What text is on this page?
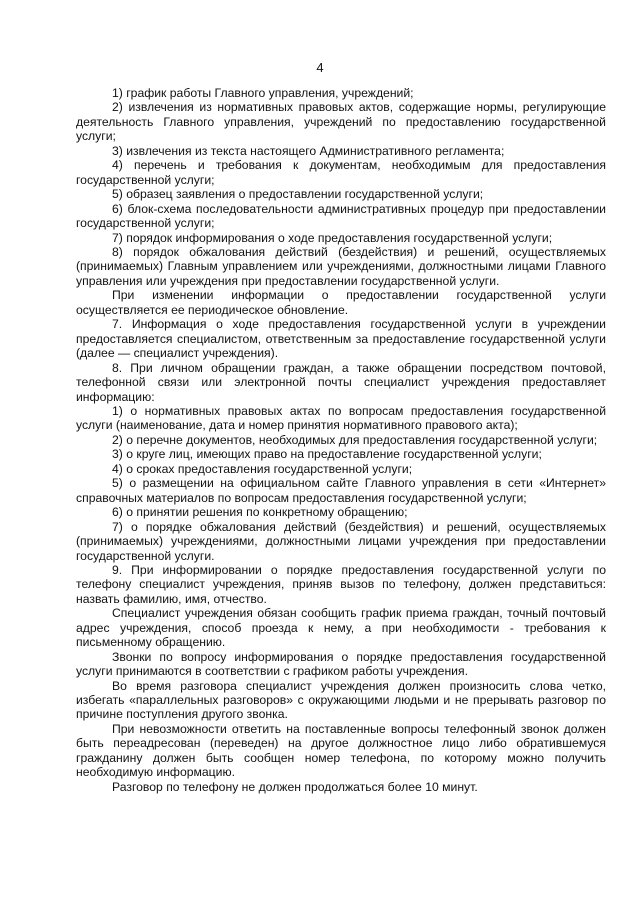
4

1) график работы Главного управления, учреждений;

2) извлечения из нормативных правовых актов, содержащие нормы, регулирующие деятельность Главного управления, учреждений по предоставлению государственной услуги;

3) извлечения из текста настоящего Административного регламента;

4) перечень и требования к документам, необходимым для предоставления государственной услуги;

5) образец заявления о предоставлении государственной услуги;

6) блок-схема последовательности административных процедур при предоставлении государственной услуги;

7) порядок информирования о ходе предоставления государственной услуги;

8) порядок обжалования действий (бездействия) и решений, осуществляемых (принимаемых) Главным управлением или учреждениями, должностными лицами Главного управления или учреждения при предоставлении государственной услуги.

При изменении информации о предоставлении государственной услуги осуществляется ее периодическое обновление.

7. Информация о ходе предоставления государственной услуги в учреждении предоставляется специалистом, ответственным за предоставление государственной услуги (далее — специалист учреждения).

8. При личном обращении граждан, а также обращении посредством почтовой, телефонной связи или электронной почты специалист учреждения предоставляет информацию:

1) о нормативных правовых актах по вопросам предоставления государственной услуги (наименование, дата и номер принятия нормативного правового акта);

2) о перечне документов, необходимых для предоставления государственной услуги;

3) о круге лиц, имеющих право на предоставление государственной услуги;

4) о сроках предоставления государственной услуги;

5) о размещении на официальном сайте Главного управления в сети «Интернет» справочных материалов по вопросам предоставления государственной услуги;

6) о принятии решения по конкретному обращению;

7) о порядке обжалования действий (бездействия) и решений, осуществляемых (принимаемых) учреждениями, должностными лицами учреждения при предоставлении государственной услуги.

9. При информировании о порядке предоставления государственной услуги по телефону специалист учреждения, приняв вызов по телефону, должен представиться: назвать фамилию, имя, отчество.

Специалист учреждения обязан сообщить график приема граждан, точный почтовый адрес учреждения, способ проезда к нему, а при необходимости - требования к письменному обращению.

Звонки по вопросу информирования о порядке предоставления государственной услуги принимаются в соответствии с графиком работы учреждения.

Во время разговора специалист учреждения должен произносить слова четко, избегать «параллельных разговоров» с окружающими людьми и не прерывать разговор по причине поступления другого звонка.

При невозможности ответить на поставленные вопросы телефонный звонок должен быть переадресован (переведен) на другое должностное лицо либо обратившемуся гражданину должен быть сообщен номер телефона, по которому можно получить необходимую информацию.

Разговор по телефону не должен продолжаться более 10 минут.
